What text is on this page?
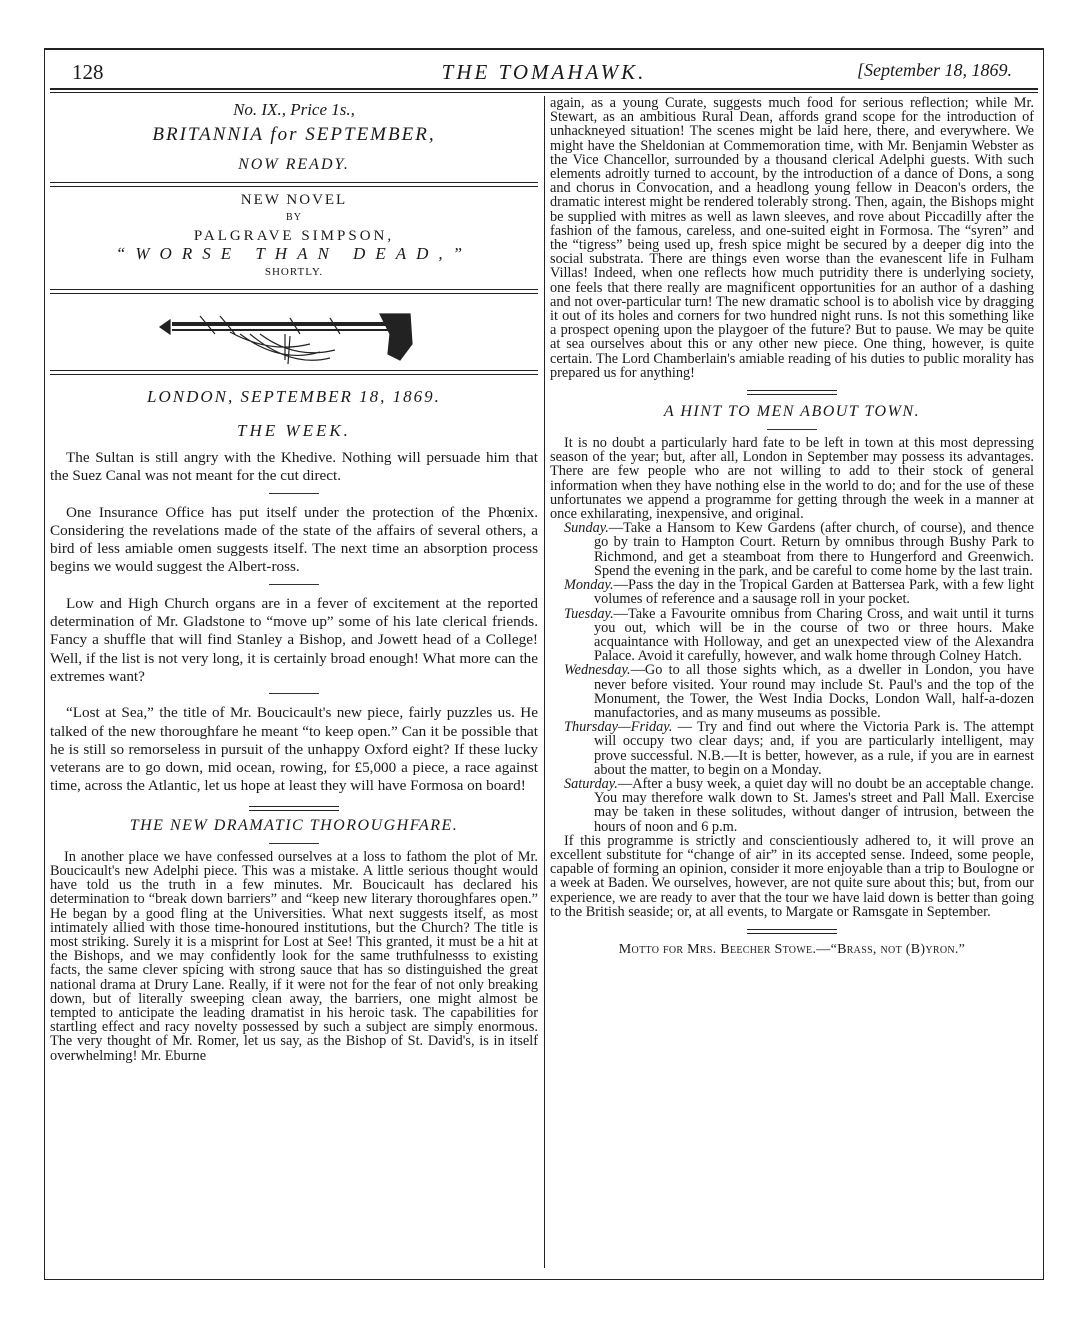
128	THE TOMAHAWK.	[September 18, 1869.
No. IX., Price 1s.,
BRITANNIA for SEPTEMBER,
NOW READY.
NEW NOVEL
BY
PALGRAVE SIMPSON,
“WORSE THAN DEAD,”
SHORTLY.
LONDON, SEPTEMBER 18, 1869.
THE WEEK.

The Sultan is still angry with the Khedive. Nothing will persuade him that the Suez Canal was not meant for the cut direct.

One Insurance Office has put itself under the protection of the Phœnix. Considering the revelations made of the state of the affairs of several others, a bird of less amiable omen suggests itself. The next time an absorption process begins we would suggest the Albert-ross.

Low and High Church organs are in a fever of excitement at the reported determination of Mr. Gladstone to “move up” some of his late clerical friends. Fancy a shuffle that will find Stanley a Bishop, and Jowett head of a College! Well, if the list is not very long, it is certainly broad enough! What more can the extremes want?

“Lost at Sea,” the title of Mr. Boucicault's new piece, fairly puzzles us. He talked of the new thoroughfare he meant “to keep open.” Can it be possible that he is still so remorseless in pursuit of the unhappy Oxford eight? If these lucky veterans are to go down, mid ocean, rowing, for £5,000 a piece, a race against time, across the Atlantic, let us hope at least they will have Formosa on board!

THE NEW DRAMATIC THOROUGHFARE.

In another place we have confessed ourselves at a loss to fathom the plot of Mr. Boucicault's new Adelphi piece. This was a mistake. A little serious thought would have told us the truth in a few minutes. Mr. Boucicault has declared his determination to “break down barriers” and “keep new literary thoroughfares open.” He began by a good fling at the Universities. What next suggests itself, as most intimately allied with those time-honoured institutions, but the Church? The title is most striking. Surely it is a misprint for Lost at See! This granted, it must be a hit at the Bishops, and we may confidently look for the same truthfulnesss to existing facts, the same clever spicing with strong sauce that has so distinguished the great national drama at Drury Lane. Really, if it were not for the fear of not only breaking down, but of literally sweeping clean away, the barriers, one might almost be tempted to anticipate the leading dramatist in his heroic task. The capabilities for startling effect and racy novelty possessed by such a subject are simply enormous. The very thought of Mr. Romer, let us say, as the Bishop of St. David's, is in itself overwhelming! Mr. Eburne

again, as a young Curate, suggests much food for serious reflection; while Mr. Stewart, as an ambitious Rural Dean, affords grand scope for the introduction of unhackneyed situation! The scenes might be laid here, there, and everywhere. We might have the Sheldonian at Commemoration time, with Mr. Benjamin Webster as the Vice Chancellor, surrounded by a thousand clerical Adelphi guests. With such elements adroitly turned to account, by the introduction of a dance of Dons, a song and chorus in Convocation, and a headlong young fellow in Deacon's orders, the dramatic interest might be rendered tolerably strong. Then, again, the Bishops might be supplied with mitres as well as lawn sleeves, and rove about Piccadilly after the fashion of the famous, careless, and one-suited eight in Formosa. The “syren” and the “tigress” being used up, fresh spice might be secured by a deeper dig into the social substrata. There are things even worse than the evanescent life in Fulham Villas! Indeed, when one reflects how much putridity there is underlying society, one feels that there really are magnificent opportunities for an author of a dashing and not over-particular turn! The new dramatic school is to abolish vice by dragging it out of its holes and corners for two hundred night runs. Is not this something like a prospect opening upon the playgoer of the future? But to pause. We may be quite at sea ourselves about this or any other new piece. One thing, however, is quite certain. The Lord Chamberlain's amiable reading of his duties to public morality has prepared us for anything!

A HINT TO MEN ABOUT TOWN.

It is no doubt a particularly hard fate to be left in town at this most depressing season of the year; but, after all, London in September may possess its advantages. There are few people who are not willing to add to their stock of general information when they have nothing else in the world to do; and for the use of these unfortunates we append a programme for getting through the week in a manner at once exhilarating, inexpensive, and original.

Sunday.—Take a Hansom to Kew Gardens (after church, of course), and thence go by train to Hampton Court. Return by omnibus through Bushy Park to Richmond, and get a steamboat from there to Hungerford and Greenwich. Spend the evening in the park, and be careful to come home by the last train.

Monday.—Pass the day in the Tropical Garden at Battersea Park, with a few light volumes of reference and a sausage roll in your pocket.

Tuesday.—Take a Favourite omnibus from Charing Cross, and wait until it turns you out, which will be in the course of two or three hours. Make acquaintance with Holloway, and get an unexpected view of the Alexandra Palace. Avoid it carefully, however, and walk home through Colney Hatch.

Wednesday.—Go to all those sights which, as a dweller in London, you have never before visited. Your round may include St. Paul's and the top of the Monument, the Tower, the West India Docks, London Wall, half-a-dozen manufactories, and as many museums as possible.

Thursday—Friday. — Try and find out where the Victoria Park is. The attempt will occupy two clear days; and, if you are particularly intelligent, may prove successful. N.B.—It is better, however, as a rule, if you are in earnest about the matter, to begin on a Monday.

Saturday.—After a busy week, a quiet day will no doubt be an acceptable change. You may therefore walk down to St. James's street and Pall Mall. Exercise may be taken in these solitudes, without danger of intrusion, between the hours of noon and 6 p.m.

If this programme is strictly and conscientiously adhered to, it will prove an excellent substitute for “change of air” in its accepted sense. Indeed, some people, capable of forming an opinion, consider it more enjoyable than a trip to Boulogne or a week at Baden. We ourselves, however, are not quite sure about this; but, from our experience, we are ready to aver that the tour we have laid down is better than going to the British seaside; or, at all events, to Margate or Ramsgate in September.

Motto for Mrs. Beecher Stowe.—“Brass, not (B)yron.”
